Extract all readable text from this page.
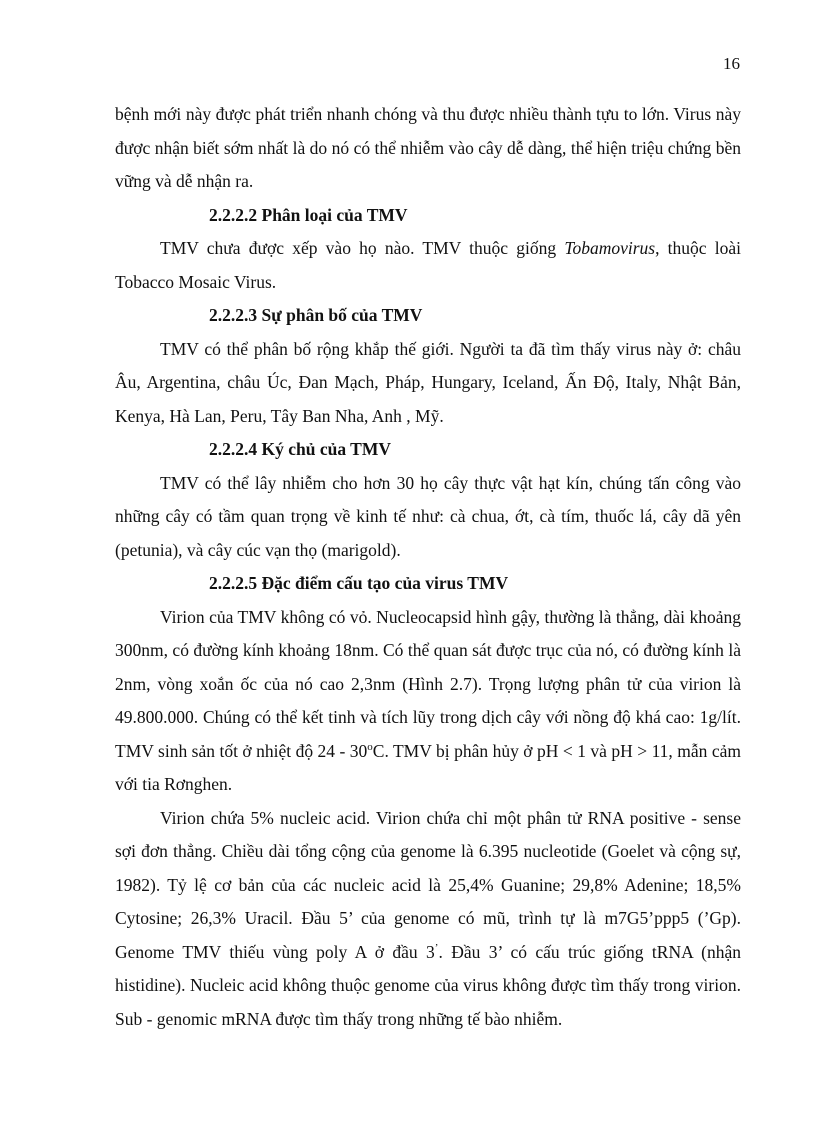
16

bệnh mới này được phát triển nhanh chóng và thu được nhiều thành tựu to lớn. Virus này được nhận biết sớm nhất là do nó có thể nhiễm vào cây dễ dàng, thể hiện triệu chứng bền vững và dễ nhận ra.

2.2.2.2 Phân loại của TMV

TMV chưa được xếp vào họ nào. TMV thuộc giống Tobamovirus, thuộc loài Tobacco Mosaic Virus.

2.2.2.3 Sự phân bố của TMV

TMV có thể phân bố rộng khắp thế giới. Người ta đã tìm thấy virus này ở: châu Âu, Argentina, châu Úc, Đan Mạch, Pháp, Hungary, Iceland, Ấn Độ, Italy, Nhật Bản, Kenya, Hà Lan, Peru, Tây Ban Nha, Anh , Mỹ.

2.2.2.4 Ký chủ của TMV

TMV có thể lây nhiễm cho hơn 30 họ cây thực vật hạt kín, chúng tấn công vào những cây có tầm quan trọng về kinh tế như: cà chua, ớt, cà tím, thuốc lá, cây dã yên (petunia), và cây cúc vạn thọ (marigold).

2.2.2.5 Đặc điểm cấu tạo của virus TMV

Virion của TMV không có vỏ. Nucleocapsid hình gậy, thường là thẳng, dài khoảng 300nm, có đường kính khoảng 18nm. Có thể quan sát được trục của nó, có đường kính là 2nm, vòng xoắn ốc của nó cao 2,3nm (Hình 2.7). Trọng lượng phân tử của virion là 49.800.000. Chúng có thể kết tinh và tích lũy trong dịch cây với nồng độ khá cao: 1g/lít. TMV sinh sản tốt ở nhiệt độ 24 - 30$^o$C. TMV bị phân hủy ở pH < 1 và pH > 11, mẫn cảm với tia Rơnghen.

Virion chứa 5% nucleic acid. Virion chứa chỉ một phân tử RNA positive - sense sợi đơn thẳng. Chiều dài tổng cộng của genome là 6.395 nucleotide (Goelet và cộng sự, 1982). Tỷ lệ cơ bản của các nucleic acid là 25,4% Guanine; 29,8% Adenine; 18,5% Cytosine; 26,3% Uracil. Đầu 5’ của genome có mũ, trình tự là m7G5’ppp5 (’Gp). Genome TMV thiếu vùng poly A ở đầu 3’. Đầu 3’ có cấu trúc giống tRNA (nhận histidine). Nucleic acid không thuộc genome của virus không được tìm thấy trong virion. Sub - genomic mRNA được tìm thấy trong những tế bào nhiễm.
